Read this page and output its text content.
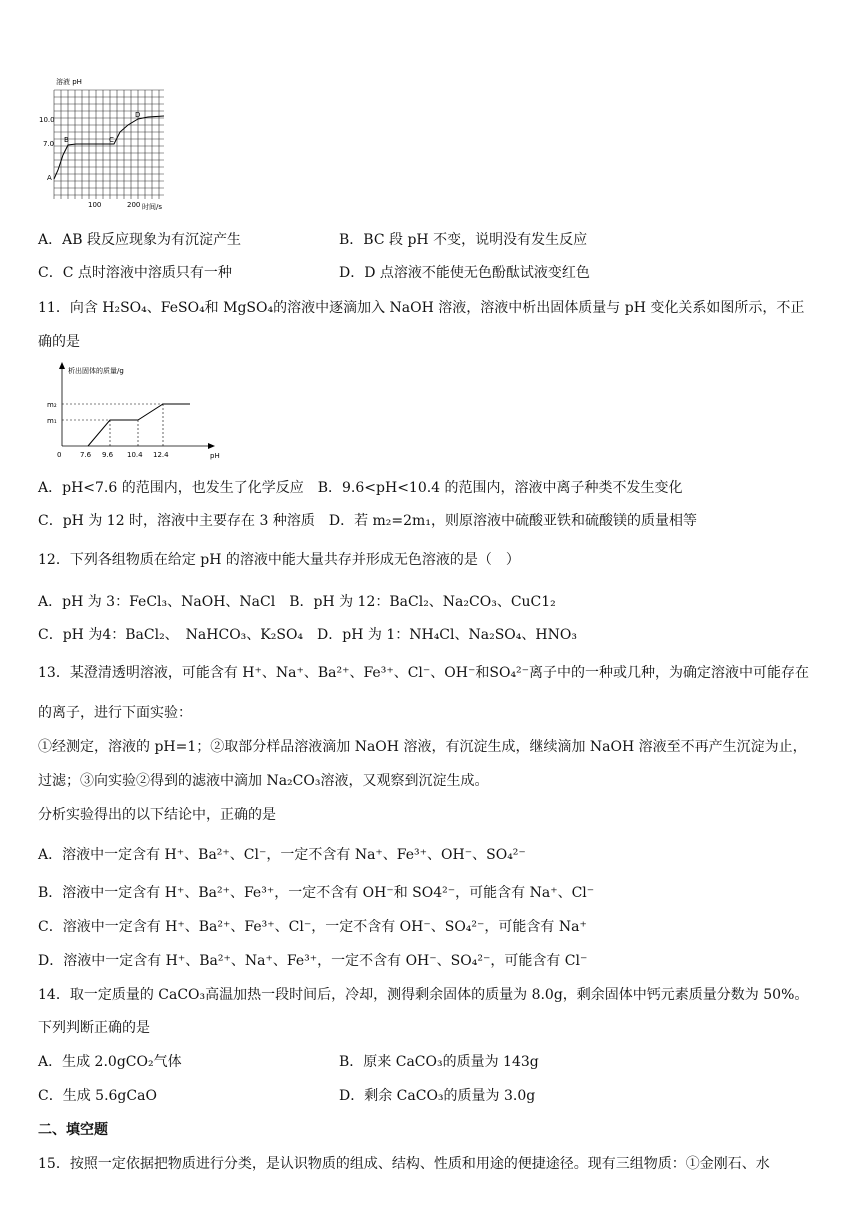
溶液 pH
10.0
7.0
100	200 时间/s
A
B	C
D
A．AB 段反应现象为有沉淀产生	B．BC 段 pH 不变，说明没有发生反应
C．C 点时溶液中溶质只有一种	D．D 点溶液不能使无色酚酞试液变红色
11．向含 H₂SO₄、FeSO₄和 MgSO₄的溶液中逐滴加入 NaOH 溶液，溶液中析出固体质量与 pH 变化关系如图所示，不正
确的是
析出固体的质量/g
pH
m₂
m₁
0	7.6 9.6 10.4 12.4
A．pH<7.6 的范围内，也发生了化学反应　 B．9.6<pH<10.4 的范围内，溶液中离子种类不发生变化
C．pH 为 12 时，溶液中主要存在 3 种溶质　 D．若 m₂=2m₁，则原溶液中硫酸亚铁和硫酸镁的质量相等
12．下列各组物质在给定 pH 的溶液中能大量共存并形成无色溶液的是（　）
A．pH 为 3：FeCl₃、NaOH、NaCl　B．pH 为 12：BaCl₂、Na₂CO₃、CuC1₂
C．pH 为4：BaCl₂、　NaHCO₃、K₂SO₄　D．pH 为 1：NH₄Cl、Na₂SO₄、HNO₃
13．某澄清透明溶液，可能含有 H⁺、Na⁺、Ba²⁺、Fe³⁺、Cl⁻、OH⁻和SO₄²⁻离子中的一种或几种，为确定溶液中可能存在
的离子，进行下面实验：
①经测定，溶液的 pH=1；②取部分样品溶液滴加 NaOH 溶液，有沉淀生成，继续滴加 NaOH 溶液至不再产生沉淀为止，
过滤；③向实验②得到的滤液中滴加 Na₂CO₃溶液，又观察到沉淀生成。
分析实验得出的以下结论中，正确的是
A．溶液中一定含有 H⁺、Ba²⁺、Cl⁻，一定不含有 Na⁺、Fe³⁺、OH⁻、SO₄²⁻
B．溶液中一定含有 H⁺、Ba²⁺、Fe³⁺，一定不含有 OH⁻和 SO4²⁻，可能含有 Na⁺、Cl⁻
C．溶液中一定含有 H⁺、Ba²⁺、Fe³⁺、Cl⁻，一定不含有 OH⁻、SO₄²⁻，可能含有 Na⁺
D．溶液中一定含有 H⁺、Ba²⁺、Na⁺、Fe³⁺，一定不含有 OH⁻、SO₄²⁻，可能含有 Cl⁻
14．取一定质量的 CaCO₃高温加热一段时间后，冷却，测得剩余固体的质量为 8.0g，剩余固体中钙元素质量分数为 50%。
下列判断正确的是
A．生成 2.0gCO₂气体	B．原来 CaCO₃的质量为 143g
C．生成 5.6gCaO	D．剩余 CaCO₃的质量为 3.0g
二、填空题
15．按照一定依据把物质进行分类，是认识物质的组成、结构、性质和用途的便捷途径。现有三组物质：①金刚石、水
